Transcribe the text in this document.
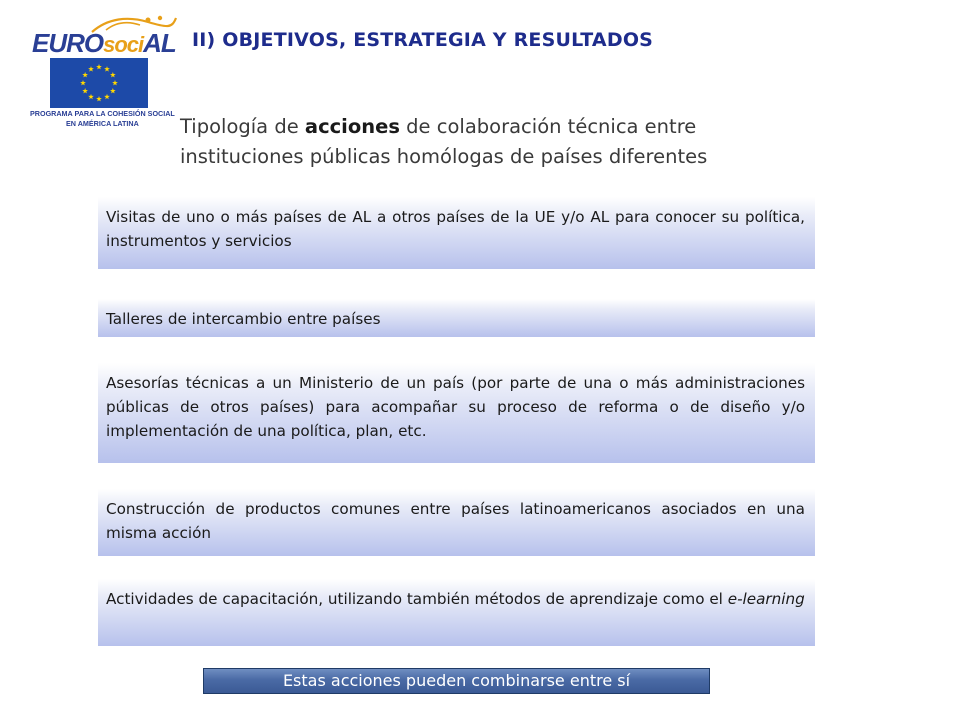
EUROsociAL
PROGRAMA PARA LA COHESIÓN SOCIAL
EN AMÉRICA LATINA
II) OBJETIVOS, ESTRATEGIA Y RESULTADOS
Tipología de acciones de colaboración técnica entre instituciones públicas homólogas de países diferentes
Visitas de uno o más países de AL a otros países de la UE y/o AL para conocer su política, instrumentos y servicios
Talleres de intercambio entre países
Asesorías técnicas a un Ministerio de un país (por parte de una o más administraciones públicas de otros países) para acompañar su proceso de reforma o de diseño y/o implementación de una política, plan, etc.
Construcción de productos comunes entre países latinoamericanos asociados en una misma acción
Actividades de capacitación, utilizando también métodos de aprendizaje como el e-learning
Estas acciones pueden combinarse entre sí
